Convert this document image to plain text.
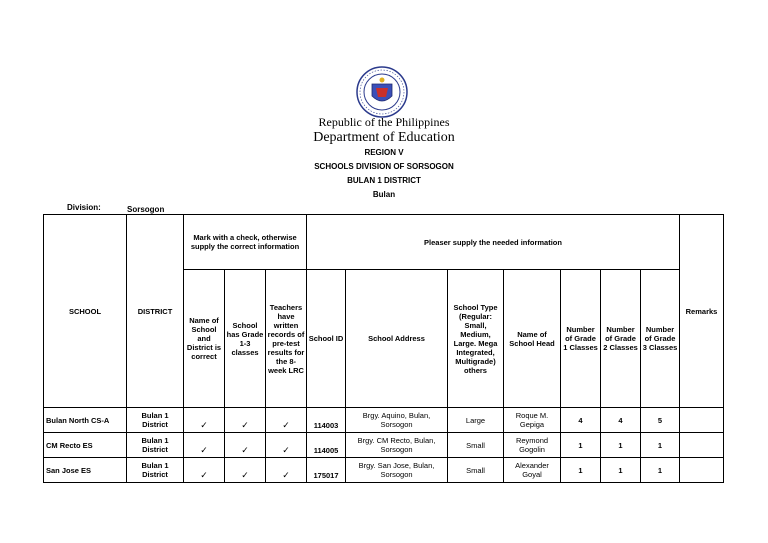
Republic of the Philippines
Department of Education
REGION V
SCHOOLS DIVISION OF SORSOGON
BULAN 1 DISTRICT
Bulan
Division:	Sorsogon
SCHOOL	DISTRICT	Mark with a check, otherwise supply the correct information			Pleaser supply the needed information							Remarks
		Name of School and District is correct	School has Grade 1-3 classes	Teachers have written records of pre-test results for the 8-week LRC	School ID	School Address	School Type (Regular: Small, Medium, Large. Mega Integrated, Multigrade) others	Name of School Head	Number of Grade 1 Classes	Number of Grade 2 Classes	Number of Grade 3 Classes	
Bulan North CS-A	Bulan 1 District	✓	✓	✓	114003	Brgy. Aquino, Bulan, Sorsogon	Large	Roque M. Gepiga	4	4	5	
CM Recto ES	Bulan 1 District	✓	✓	✓	114005	Brgy. CM Recto, Bulan, Sorsogon	Small	Reymond Gogolin	1	1	1	
San Jose ES	Bulan 1 District	✓	✓	✓	175017	Brgy. San Jose, Bulan, Sorsogon	Small	Alexander Goyal	1	1	1	
